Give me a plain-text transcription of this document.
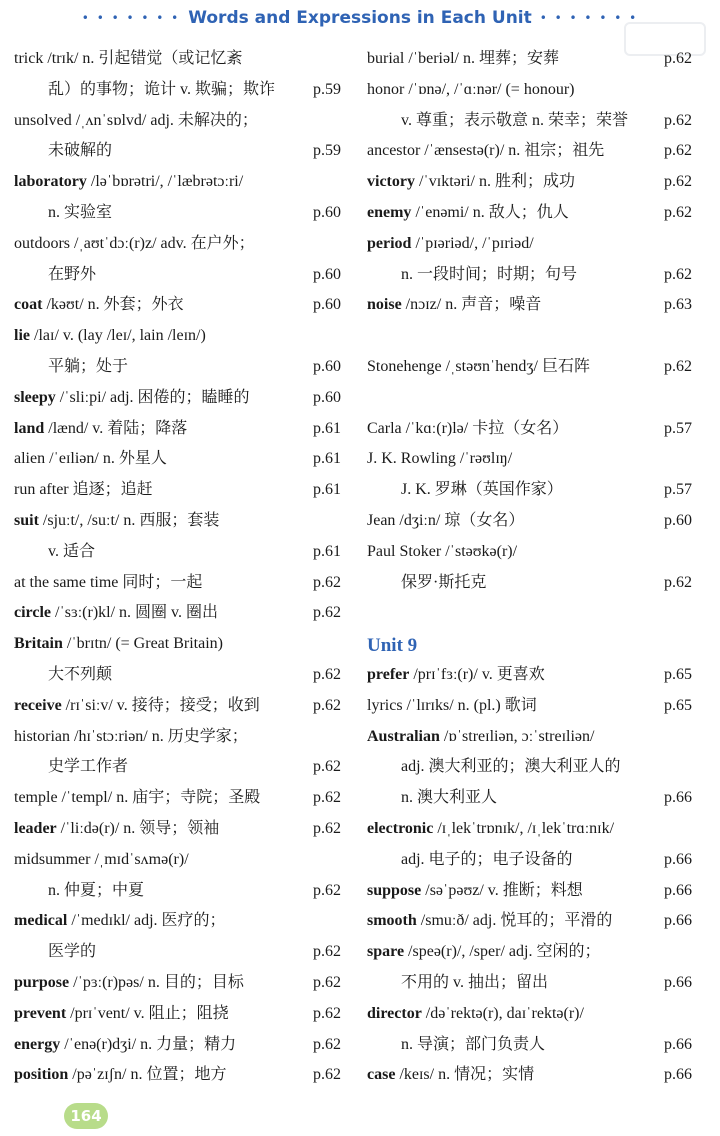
• • • • • • • Words and Expressions in Each Unit • • • • • • •
trick /trɪk/ n. 引起错觉（或记忆紊
乱）的事物；诡计 v. 欺骗；欺诈 p.59
unsolved /ˌʌnˈsɒlvd/ adj. 未解决的；
未破解的	p.59
laboratory /ləˈbɒrətri/, /ˈlæbrətɔːri/
n. 实验室	p.60
outdoors /ˌaʊtˈdɔː(r)z/ adv. 在户外；
在野外	p.60
coat /kəʊt/ n. 外套；外衣	p.60
lie /laɪ/ v. (lay /leɪ/, lain /leɪn/)
平躺；处于	p.60
sleepy /ˈsliːpi/ adj. 困倦的；瞌睡的	p.60
land /lænd/ v. 着陆；降落	p.61
alien /ˈeɪliən/ n. 外星人	p.61
run after 追逐；追赶	p.61
suit /sjuːt/, /suːt/ n. 西服；套装
v. 适合	p.61
at the same time 同时；一起	p.62
circle /ˈsɜː(r)kl/ n. 圆圈 v. 圈出	p.62
Britain /ˈbrɪtn/ (= Great Britain)
大不列颠	p.62
receive /rɪˈsiːv/ v. 接待；接受；收到	p.62
historian /hɪˈstɔːriən/ n. 历史学家；
史学工作者	p.62
temple /ˈtempl/ n. 庙宇；寺院；圣殿	p.62
leader /ˈliːdə(r)/ n. 领导；领袖	p.62
midsummer /ˌmɪdˈsʌmə(r)/
n. 仲夏；中夏	p.62
medical /ˈmedɪkl/ adj. 医疗的；
医学的	p.62
purpose /ˈpɜː(r)pəs/ n. 目的；目标	p.62
prevent /prɪˈvent/ v. 阻止；阻挠	p.62
energy /ˈenə(r)dʒi/ n. 力量；精力	p.62
position /pəˈzɪʃn/ n. 位置；地方	p.62
burial /ˈberiəl/ n. 埋葬；安葬	p.62
honor /ˈɒnə/, /ˈɑːnər/ (= honour)
v. 尊重；表示敬意 n. 荣幸；荣誉 p.62
ancestor /ˈænsestə(r)/ n. 祖宗；祖先	p.62
victory /ˈvɪktəri/ n. 胜利；成功	p.62
enemy /ˈenəmi/ n. 敌人；仇人	p.62
period /ˈpɪəriəd/, /ˈpɪriəd/
n. 一段时间；时期；句号	p.62
noise /nɔɪz/ n. 声音；噪音	p.63
Stonehenge /ˌstəʊnˈhendʒ/ 巨石阵	p.62
Carla /ˈkɑː(r)lə/ 卡拉（女名）	p.57
J. K. Rowling /ˈrəʊlɪŋ/
J. K. 罗琳（英国作家）	p.57
Jean /dʒiːn/ 琼（女名）	p.60
Paul Stoker /ˈstəʊkə(r)/
保罗·斯托克	p.62
Unit 9
prefer /prɪˈfɜː(r)/ v. 更喜欢	p.65
lyrics /ˈlɪrɪks/ n. (pl.) 歌词	p.65
Australian /ɒˈstreɪliən, ɔːˈstreɪliən/
adj. 澳大利亚的；澳大利亚人的
n. 澳大利亚人	p.66
electronic /ɪˌlekˈtrɒnɪk/, /ɪˌlekˈtrɑːnɪk/
adj. 电子的；电子设备的	p.66
suppose /səˈpəʊz/ v. 推断；料想	p.66
smooth /smuːð/ adj. 悦耳的；平滑的	p.66
spare /speə(r)/, /sper/ adj. 空闲的；
不用的 v. 抽出；留出	p.66
director /dəˈrektə(r), daɪˈrektə(r)/
n. 导演；部门负责人	p.66
case /keɪs/ n. 情况；实情	p.66
164
